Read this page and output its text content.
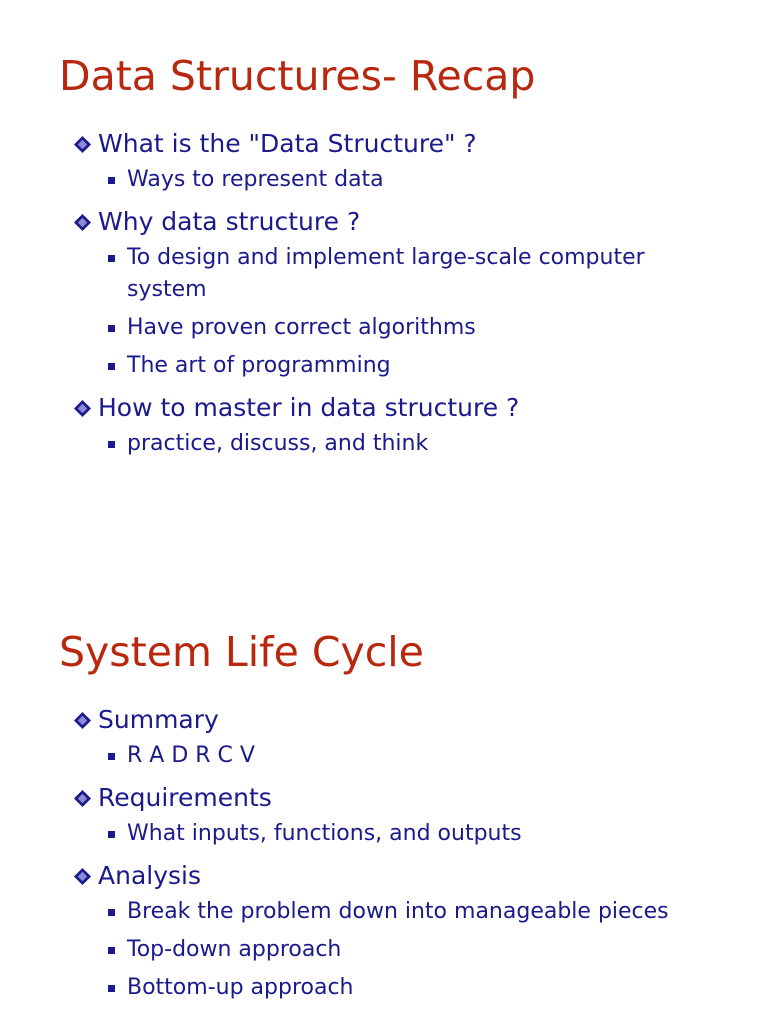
Data Structures- Recap
What is the "Data Structure" ?
Ways to represent data
Why data structure ?
To design and implement large-scale computer system
Have proven correct algorithms
The art of programming
How to master in data structure ?
practice, discuss, and think
System Life Cycle
Summary
R A D R C V
Requirements
What inputs, functions, and outputs
Analysis
Break the problem down into manageable pieces
Top-down approach
Bottom-up approach
